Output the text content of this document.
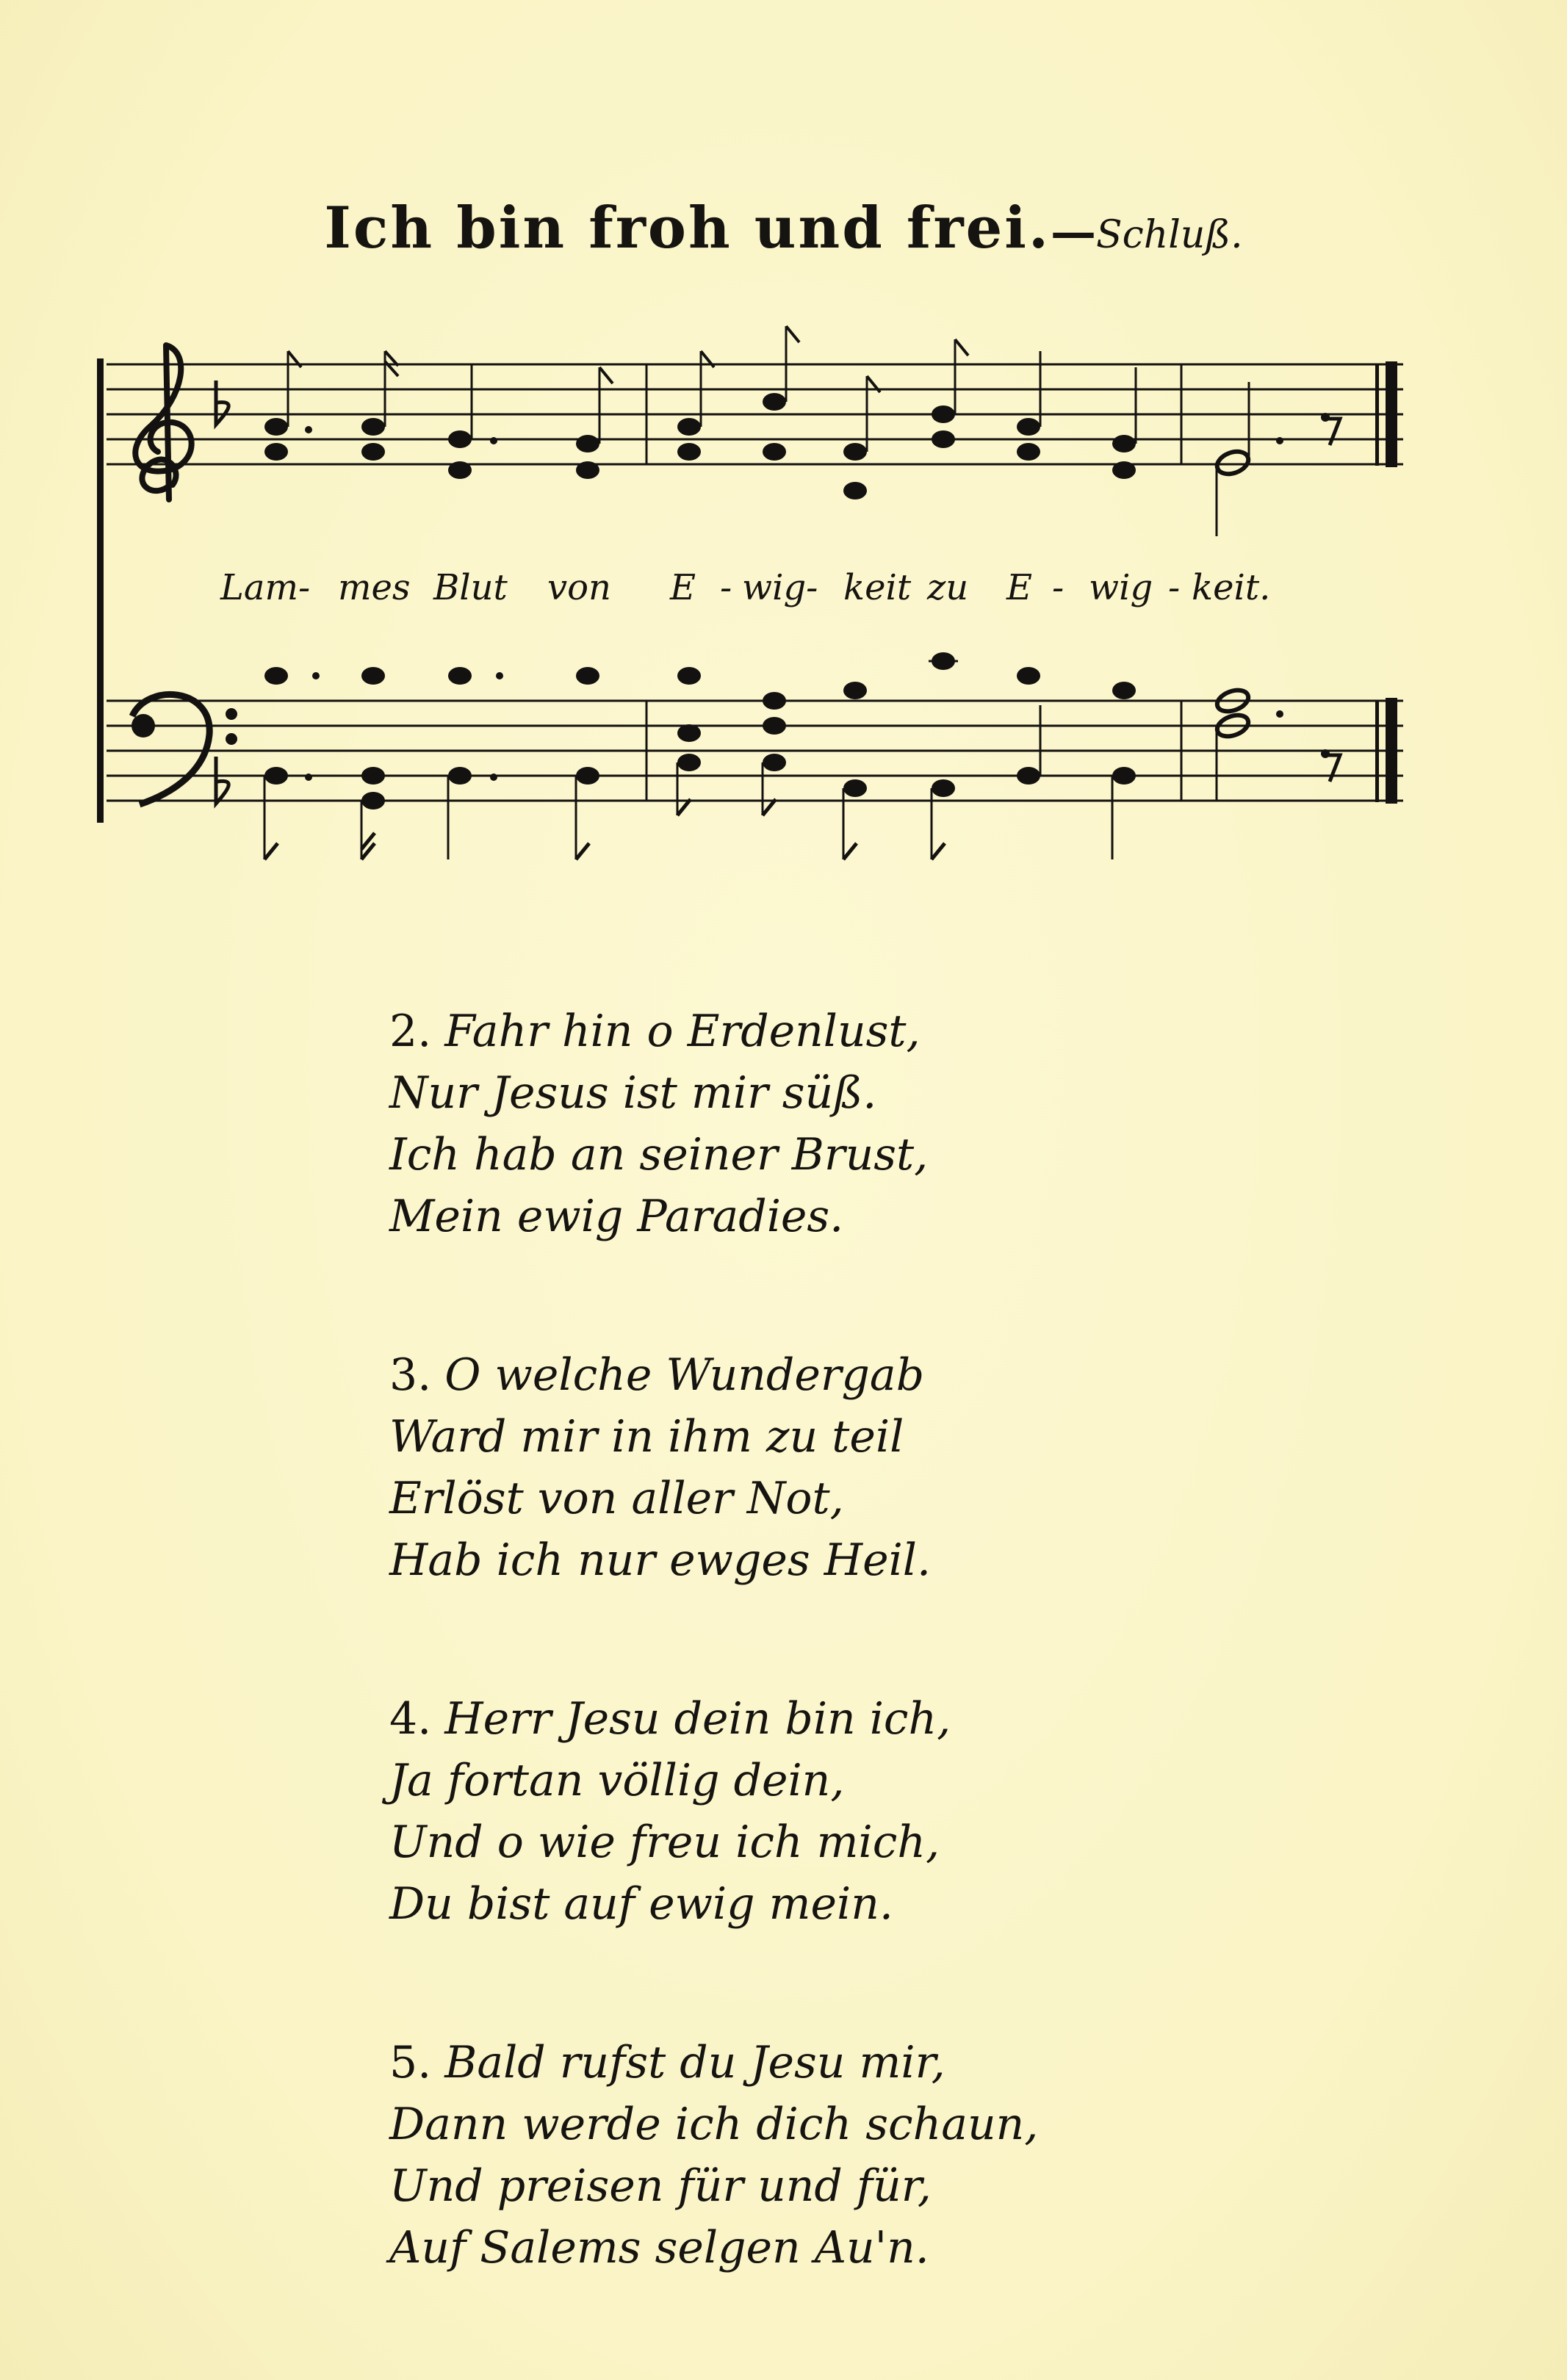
Ich bin froh und frei.—Schluß.
Lam- mes Blut von E - wig- keit zu E - wig - keit.
2. Fahr hin o Erdenlust,
Nur Jesus ist mir süß.
Ich hab an seiner Brust,
Mein ewig Paradies.
3. O welche Wundergab
Ward mir in ihm zu teil
Erlöst von aller Not,
Hab ich nur ewges Heil.
4. Herr Jesu dein bin ich,
Ja fortan völlig dein,
Und o wie freu ich mich,
Du bist auf ewig mein.
5. Bald rufst du Jesu mir,
Dann werde ich dich schaun,
Und preisen für und für,
Auf Salems selgen Au'n.
